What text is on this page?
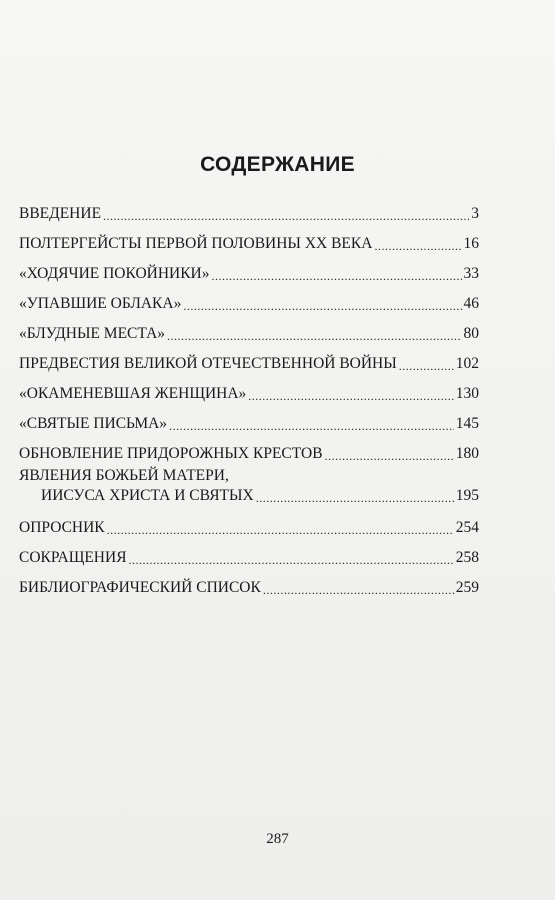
СОДЕРЖАНИЕ
ВВЕДЕНИЕ .....	3
ПОЛТЕРГЕЙСТЫ ПЕРВОЙ ПОЛОВИНЫ XX ВЕКА .....	16
«ХОДЯЧИЕ ПОКОЙНИКИ» .....	33
«УПАВШИЕ ОБЛАКА» .....	46
«БЛУДНЫЕ МЕСТА» .....	80
ПРЕДВЕСТИЯ ВЕЛИКОЙ ОТЕЧЕСТВЕННОЙ ВОЙНЫ .....	102
«ОКАМЕНЕВШАЯ ЖЕНЩИНА» .....	130
«СВЯТЫЕ ПИСЬМА» .....	145
ОБНОВЛЕНИЕ ПРИДОРОЖНЫХ КРЕСТОВ .....	180
ЯВЛЕНИЯ БОЖЬЕЙ МАТЕРИ,
ИИСУСА ХРИСТА И СВЯТЫХ .....	195
ОПРОСНИК .....	254
СОКРАЩЕНИЯ .....	258
БИБЛИОГРАФИЧЕСКИЙ СПИСОК .....	259
287
